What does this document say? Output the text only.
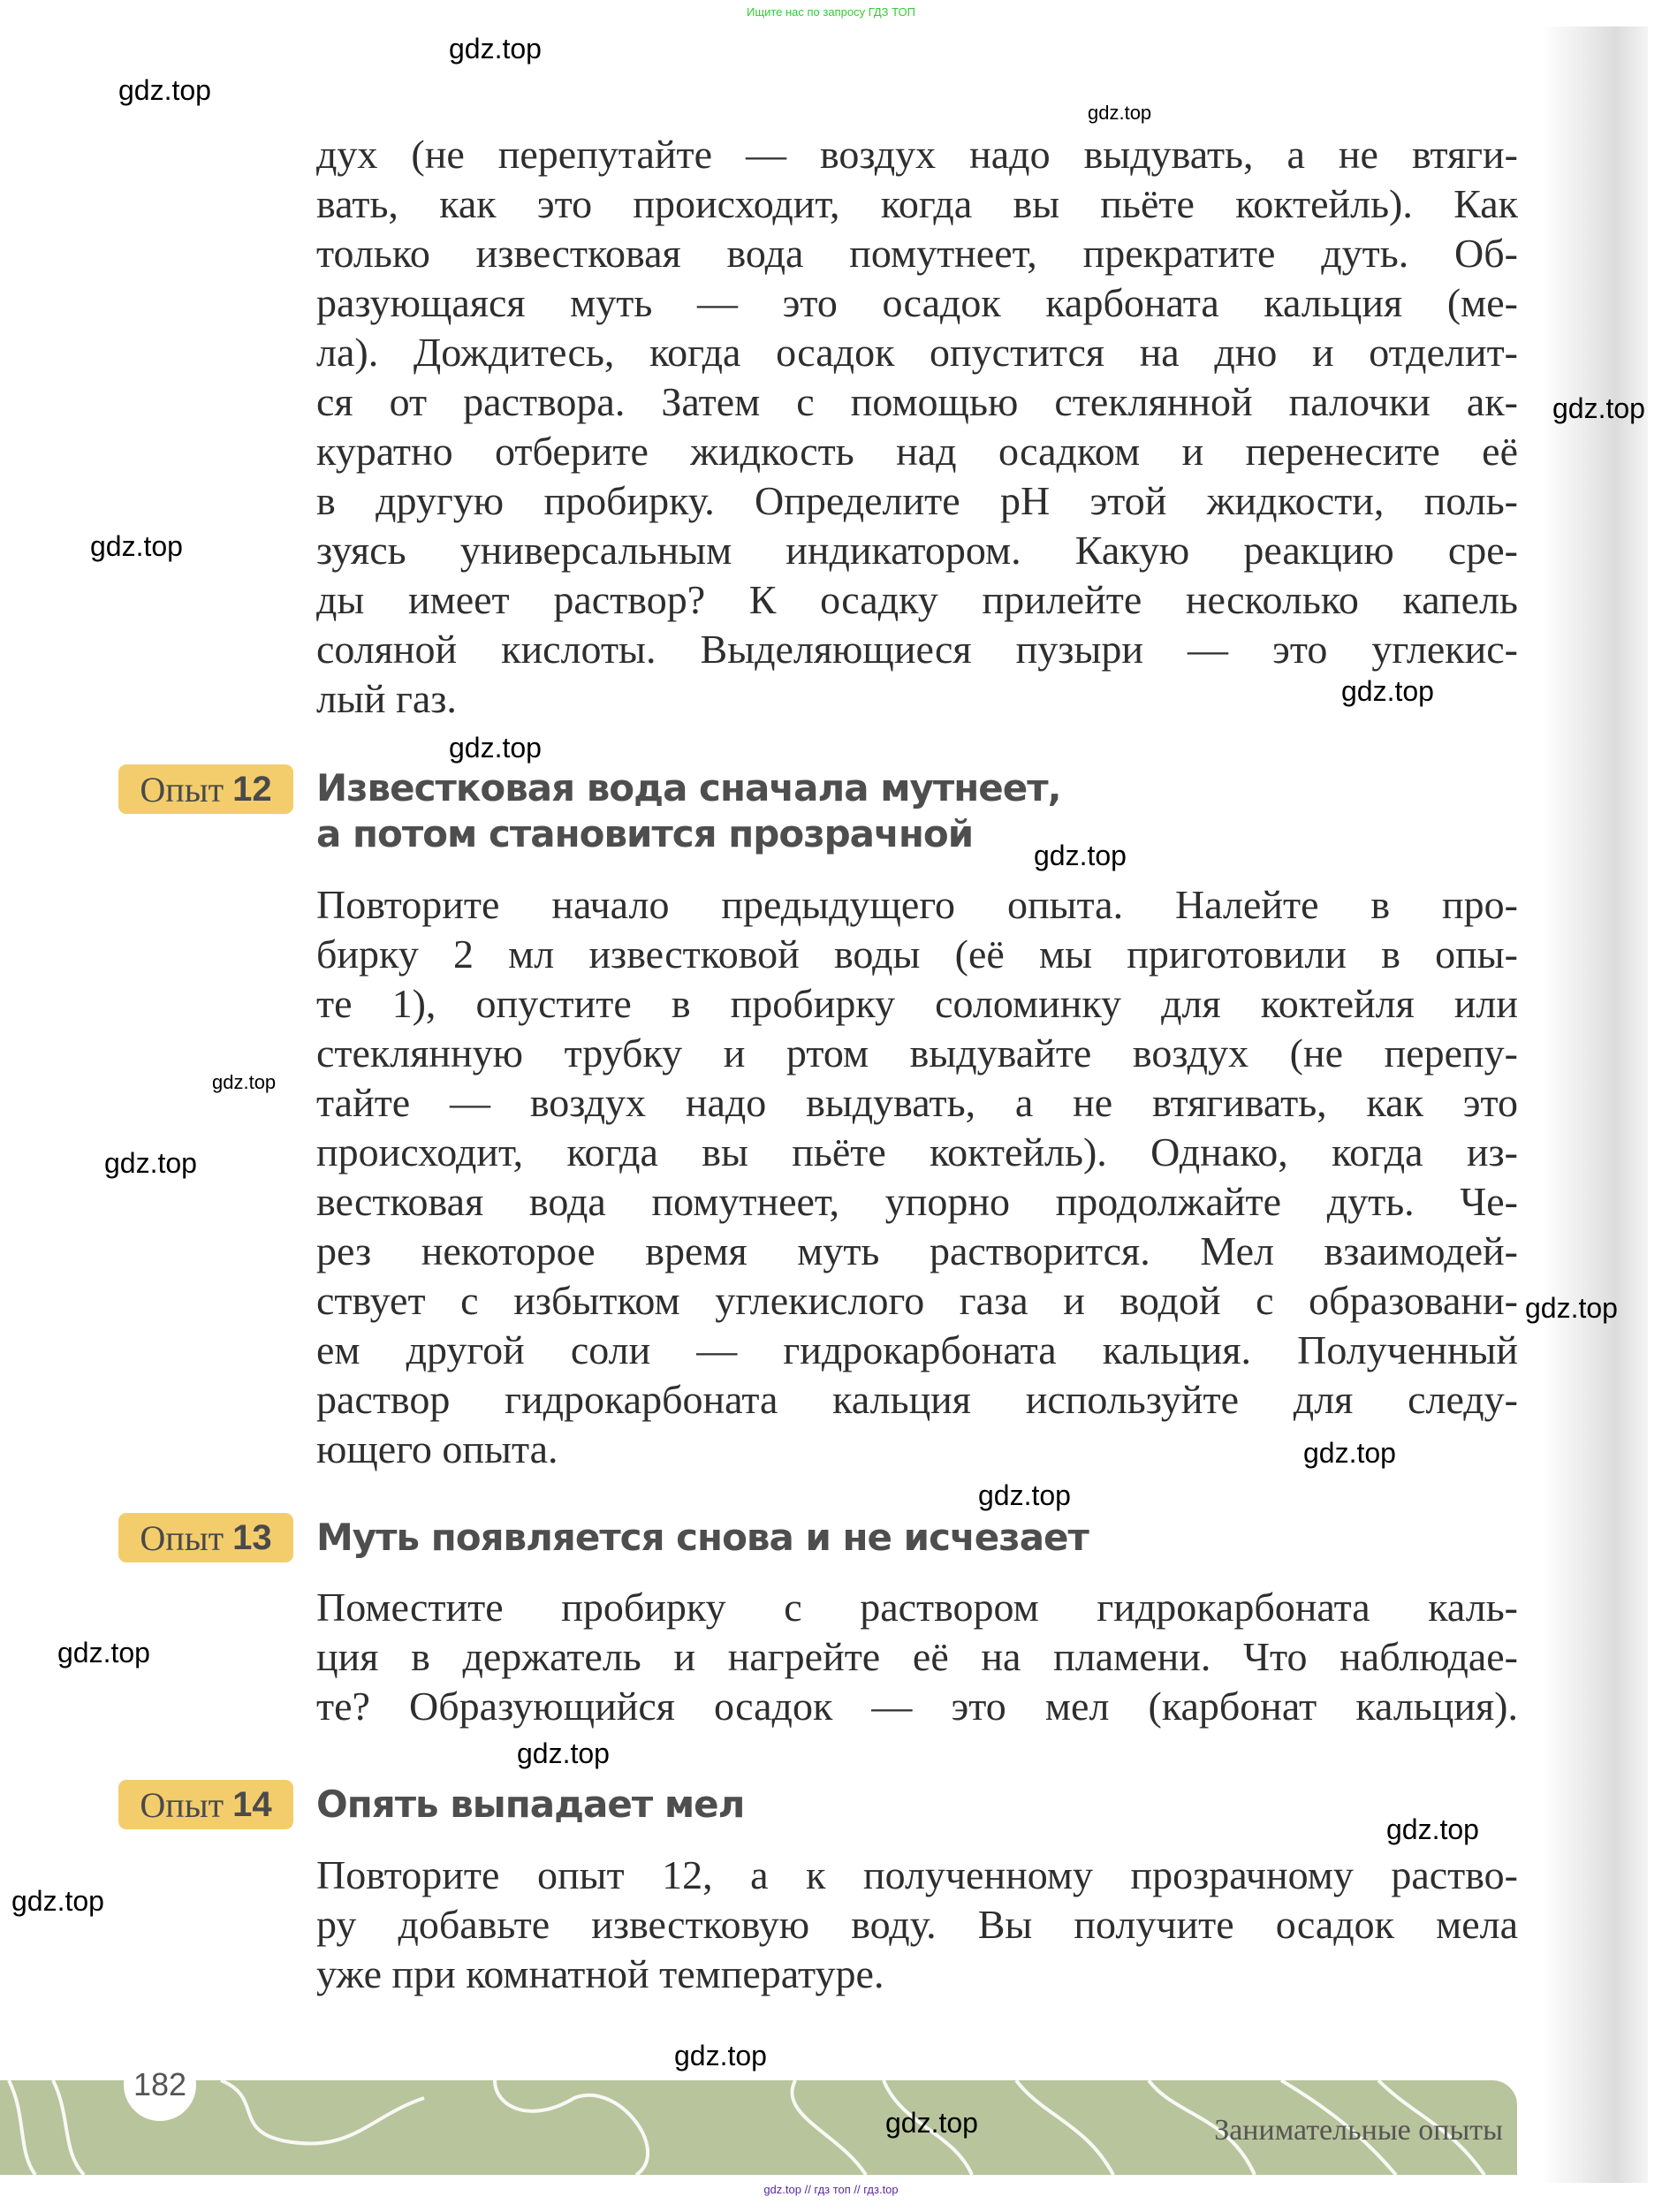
Ищите нас по запросу ГДЗ ТОП
дух (не перепутайте — воздух надо выдувать, а не втяги-
вать, как это происходит, когда вы пьёте коктейль). Как
только известковая вода помутнеет, прекратите дуть. Об-
разующаяся муть — это осадок карбоната кальция (ме-
ла). Дождитесь, когда осадок опустится на дно и отделит-
ся от раствора. Затем с помощью стеклянной палочки ак-
куратно отберите жидкость над осадком и перенесите её
в другую пробирку. Определите pH этой жидкости, поль-
зуясь универсальным индикатором. Какую реакцию сре-
ды имеет раствор? К осадку прилейте несколько капель
соляной кислоты. Выделяющиеся пузыри — это углекис-
лый газ.
Опыт 12 Известковая вода сначала мутнеет,
а потом становится прозрачной
Повторите начало предыдущего опыта. Налейте в про-
бирку 2 мл известковой воды (её мы приготовили в опы-
те 1), опустите в пробирку соломинку для коктейля или
стеклянную трубку и ртом выдувайте воздух (не перепу-
тайте — воздух надо выдувать, а не втягивать, как это
происходит, когда вы пьёте коктейль). Однако, когда из-
вестковая вода помутнеет, упорно продолжайте дуть. Че-
рез некоторое время муть растворится. Мел взаимодей-
ствует с избытком углекислого газа и водой с образовани-
ем другой соли — гидрокарбоната кальция. Полученный
раствор гидрокарбоната кальция используйте для следу-
ющего опыта.
Опыт 13 Муть появляется снова и не исчезает
Поместите пробирку с раствором гидрокарбоната каль-
ция в держатель и нагрейте её на пламени. Что наблюдае-
те? Образующийся осадок — это мел (карбонат кальция).
Опыт 14 Опять выпадает мел
Повторите опыт 12, а к полученному прозрачному раство-
ру добавьте известковую воду. Вы получите осадок мела
уже при комнатной температуре.
182
Занимательные опыты
gdz.top // гдз топ // гдз.top
gdz.top
gdz.top
gdz.top
gdz.top
gdz.top
gdz.top
gdz.top
gdz.top
gdz.top
gdz.top
gdz.top
gdz.top
gdz.top
gdz.top
gdz.top
gdz.top
gdz.top
gdz.top
gdz.top
